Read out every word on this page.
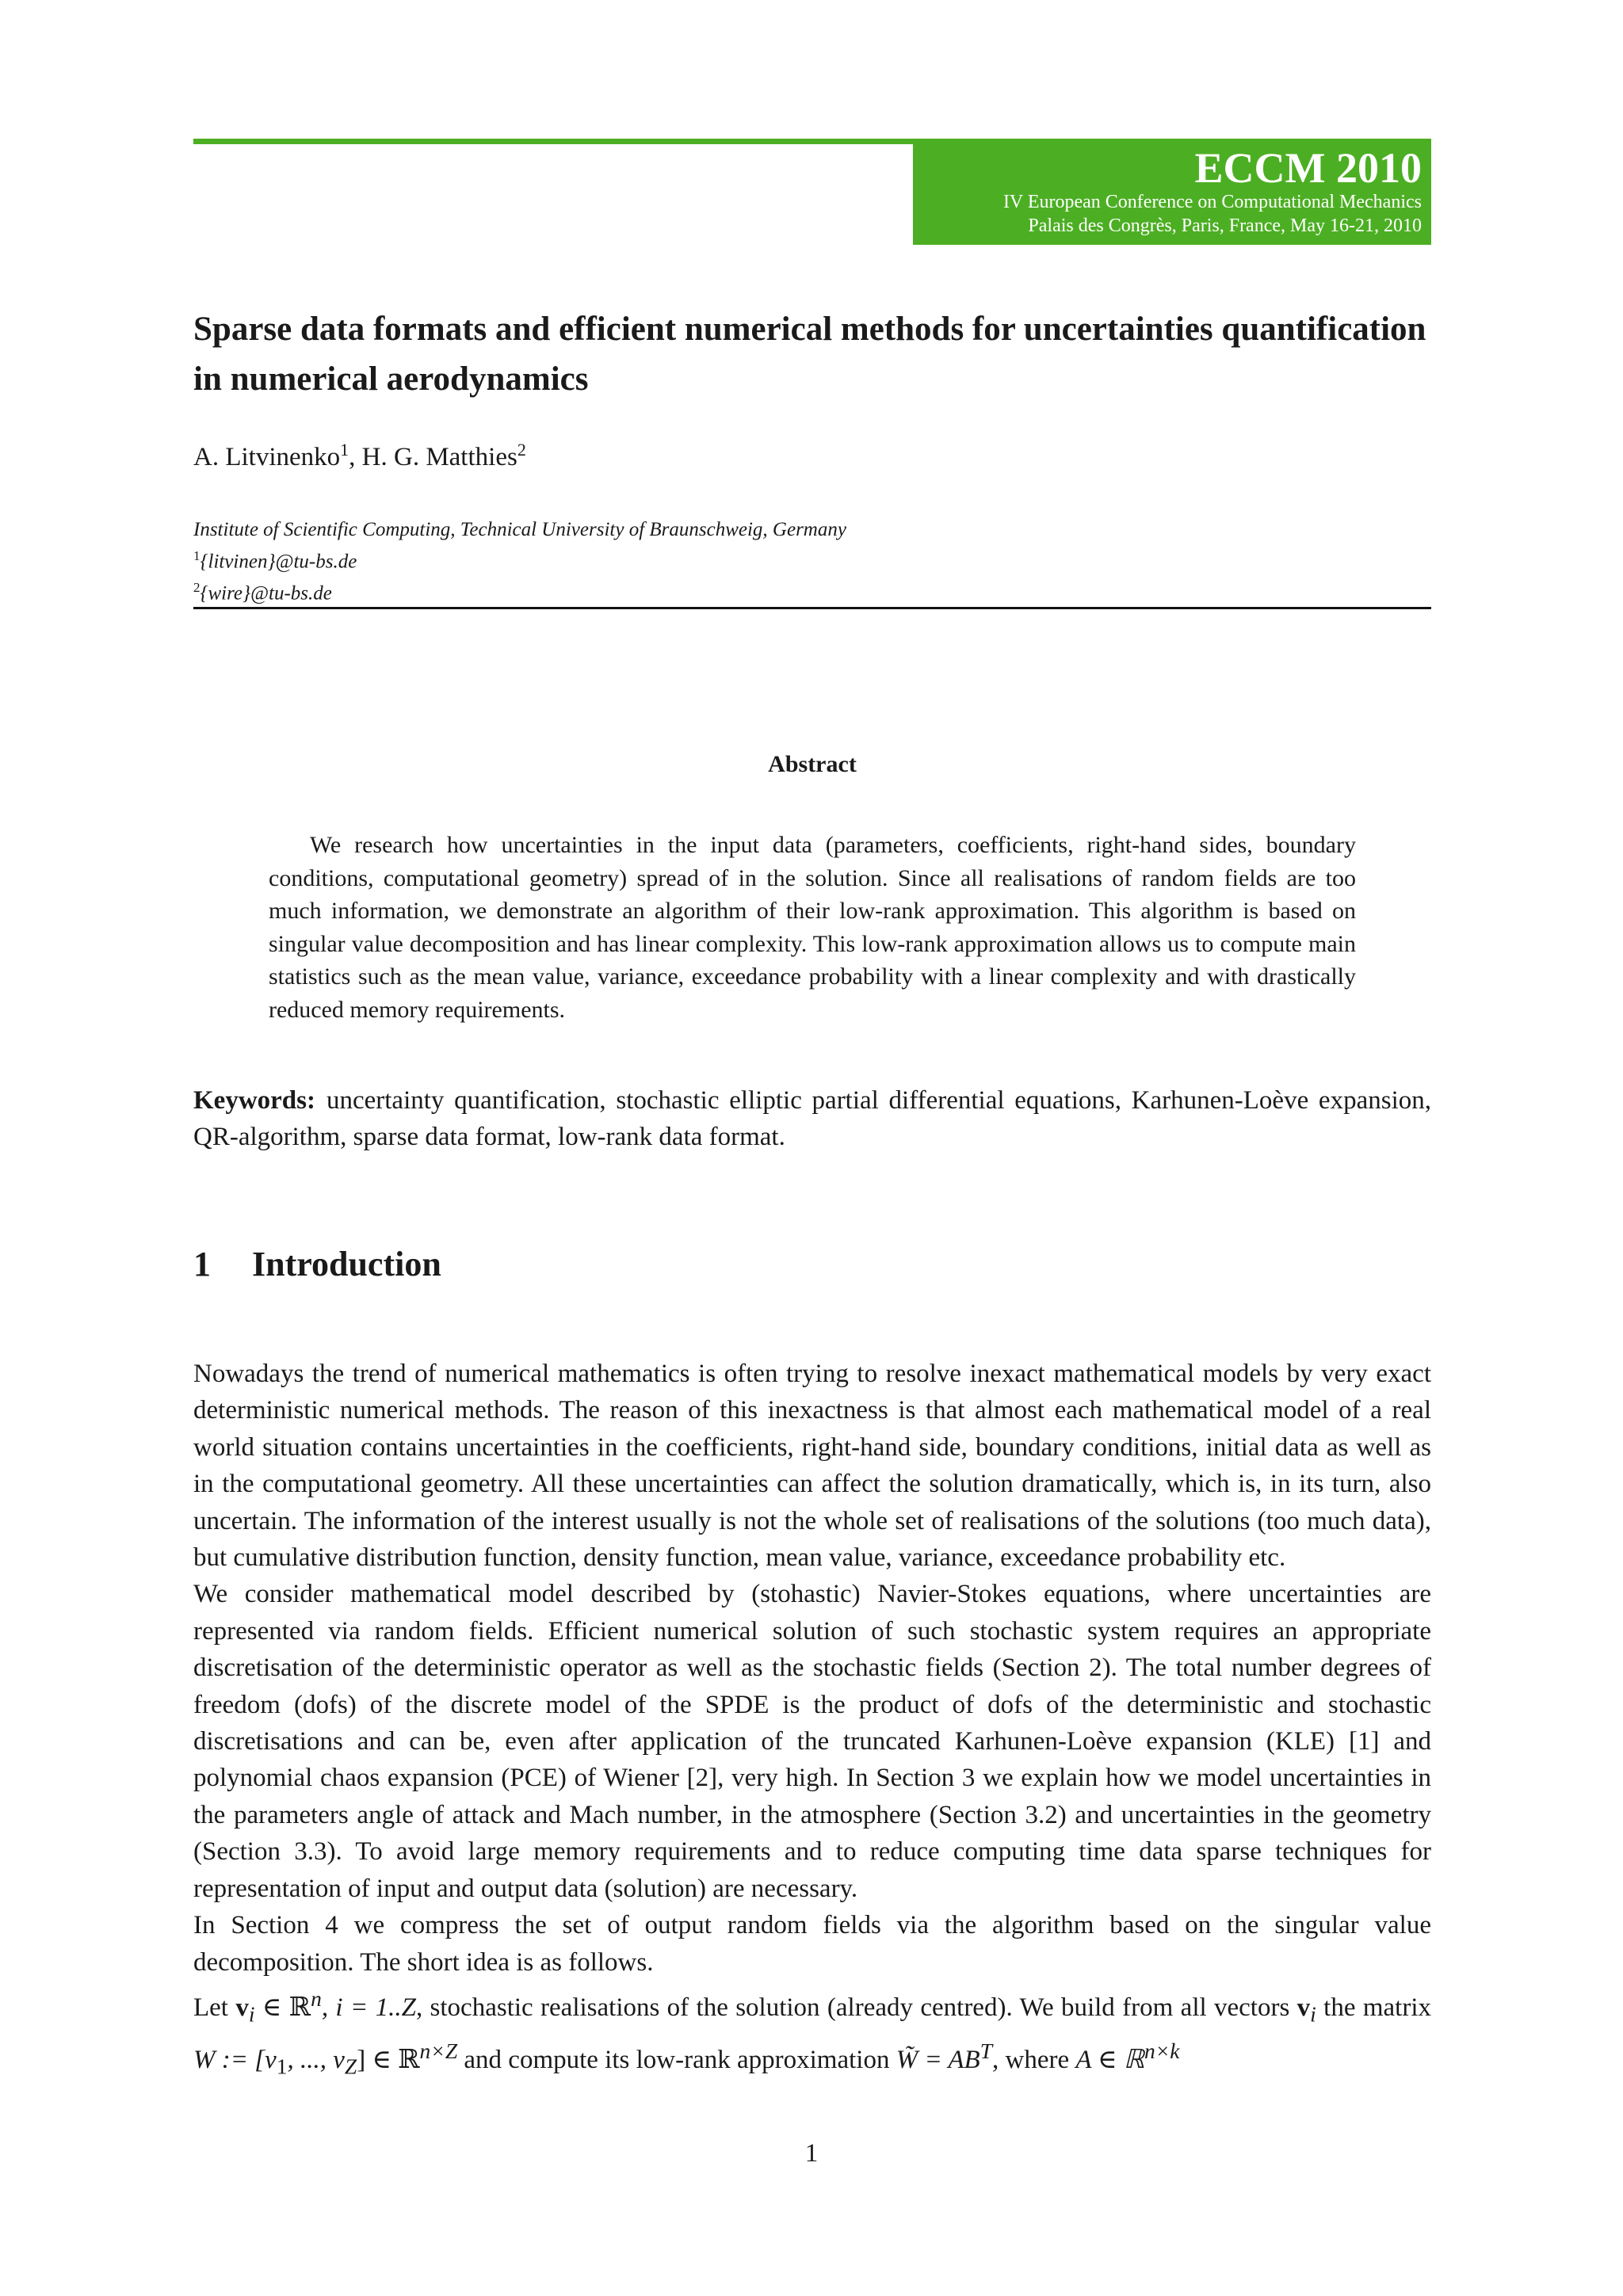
ECCM 2010
IV European Conference on Computational Mechanics
Palais des Congrès, Paris, France, May 16-21, 2010
Sparse data formats and efficient numerical methods for uncertainties quantification in numerical aerodynamics
A. Litvinenko$^1$, H. G. Matthies$^2$
Institute of Scientific Computing, Technical University of Braunschweig, Germany
$^1${litvinen}@tu-bs.de
$^2${wire}@tu-bs.de
Abstract
We research how uncertainties in the input data (parameters, coefficients, right-hand sides, boundary conditions, computational geometry) spread of in the solution. Since all realisations of random fields are too much information, we demonstrate an algorithm of their low-rank approximation. This algorithm is based on singular value decomposition and has linear complexity. This low-rank approximation allows us to compute main statistics such as the mean value, variance, exceedance probability with a linear complexity and with drastically reduced memory requirements.
Keywords: uncertainty quantification, stochastic elliptic partial differential equations, Karhunen-Loève expansion, QR-algorithm, sparse data format, low-rank data format.
1 Introduction

Nowadays the trend of numerical mathematics is often trying to resolve inexact mathematical models by very exact deterministic numerical methods. The reason of this inexactness is that almost each mathematical model of a real world situation contains uncertainties in the coefficients, right-hand side, boundary conditions, initial data as well as in the computational geometry. All these uncertainties can affect the solution dramatically, which is, in its turn, also uncertain. The information of the interest usually is not the whole set of realisations of the solutions (too much data), but cumulative distribution function, density function, mean value, variance, exceedance probability etc.

We consider mathematical model described by (stohastic) Navier-Stokes equations, where uncertainties are represented via random fields. Efficient numerical solution of such stochastic system requires an appropriate discretisation of the deterministic operator as well as the stochastic fields (Section 2). The total number degrees of freedom (dofs) of the discrete model of the SPDE is the product of dofs of the deterministic and stochastic discretisations and can be, even after application of the truncated Karhunen-Loève expansion (KLE) [1] and polynomial chaos expansion (PCE) of Wiener [2], very high. In Section 3 we explain how we model uncertainties in the parameters angle of attack and Mach number, in the atmosphere (Section 3.2) and uncertainties in the geometry (Section 3.3). To avoid large memory requirements and to reduce computing time data sparse techniques for representation of input and output data (solution) are necessary.

In Section 4 we compress the set of output random fields via the algorithm based on the singular value decomposition. The short idea is as follows.

Let $v_i$ ∈ ℝ$^n$, i = 1..Z, stochastic realisations of the solution (already centred). We build from all vectors $v_i$ the matrix W := [$v_1$, ..., $v_Z$] ∈ ℝ$^{n\times Z}$ and compute its low-rank approximation W̃ = $AB^T$, where A ∈ ℝ$^{n\times k}$

1
